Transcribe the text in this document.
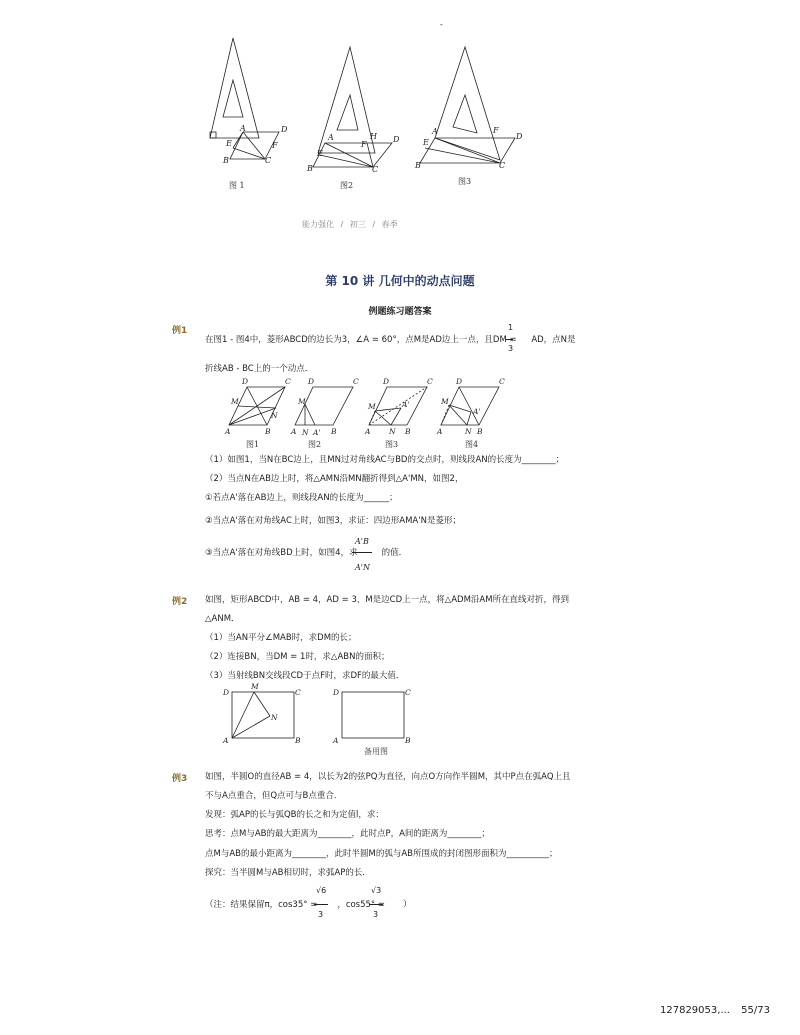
-
A
E
B
D
F
C
A
E
B
H
F
D
C
A
E
B
F
D
C
图 1	图2	图3
能力强化 / 初三 / 春季
第 10 讲 几何中的动点问题
例题练习题答案
例1	1
3
在图1 - 图4中，菱形ABCD的边长为3，∠A = 60°，点M是AD边上一点，且DM = AD，点N是
折线AB - BC上的一个动点．
D	C
A	B
M
N
D	C
A	B
M
N A'
D	C
A	B
M	A'
N
D	C
A	B
M
A'
N
图1	图2	图3	图4
（1）如图1，当N在BC边上，且MN过对角线AC与BD的交点时，则线段AN的长度为________；
（2）当点N在AB边上时，将△AMN沿MN翻折得到△A'MN，如图2，
①若点A'落在AB边上，则线段AN的长度为______；
②当点A'落在对角线AC上时，如图3，求证：四边形AMA'N是菱形；
A'B
A'N
③当点A'落在对角线BD上时，如图4，求	的值．
例2 如图，矩形ABCD中，AB = 4，AD = 3，M是边CD上一点，将△ADM沿AM所在直线对折，得到
△ANM．
（1）当AN平分∠MAB时，求DM的长；
（2）连接BN，当DM = 1时，求△ABN的面积；
（3）当射线BN交线段CD于点F时，求DF的最大值．
D
M
C
N
A	B
D	C
A	B
备用图
例3 如图，半圆O的直径AB = 4，以长为2的弦PQ为直径，向点O方向作半圆M，其中P点在弧AQ上且
不与A点重合，但Q点可与B点重合．
发现：弧AP的长与弧QB的长之和为定值l，求：
思考：点M与AB的最大距离为________，此时点P，A间的距离为________；
点M与AB的最小距离为________，此时半圆M的弧与AB所围成的封闭图形面积为__________；
探究：当半圆M与AB相切时，求弧AP的长．
√6
3
√3
3
（注：结果保留π，cos35° = ，cos55° = ）
127829053,... 55/73
